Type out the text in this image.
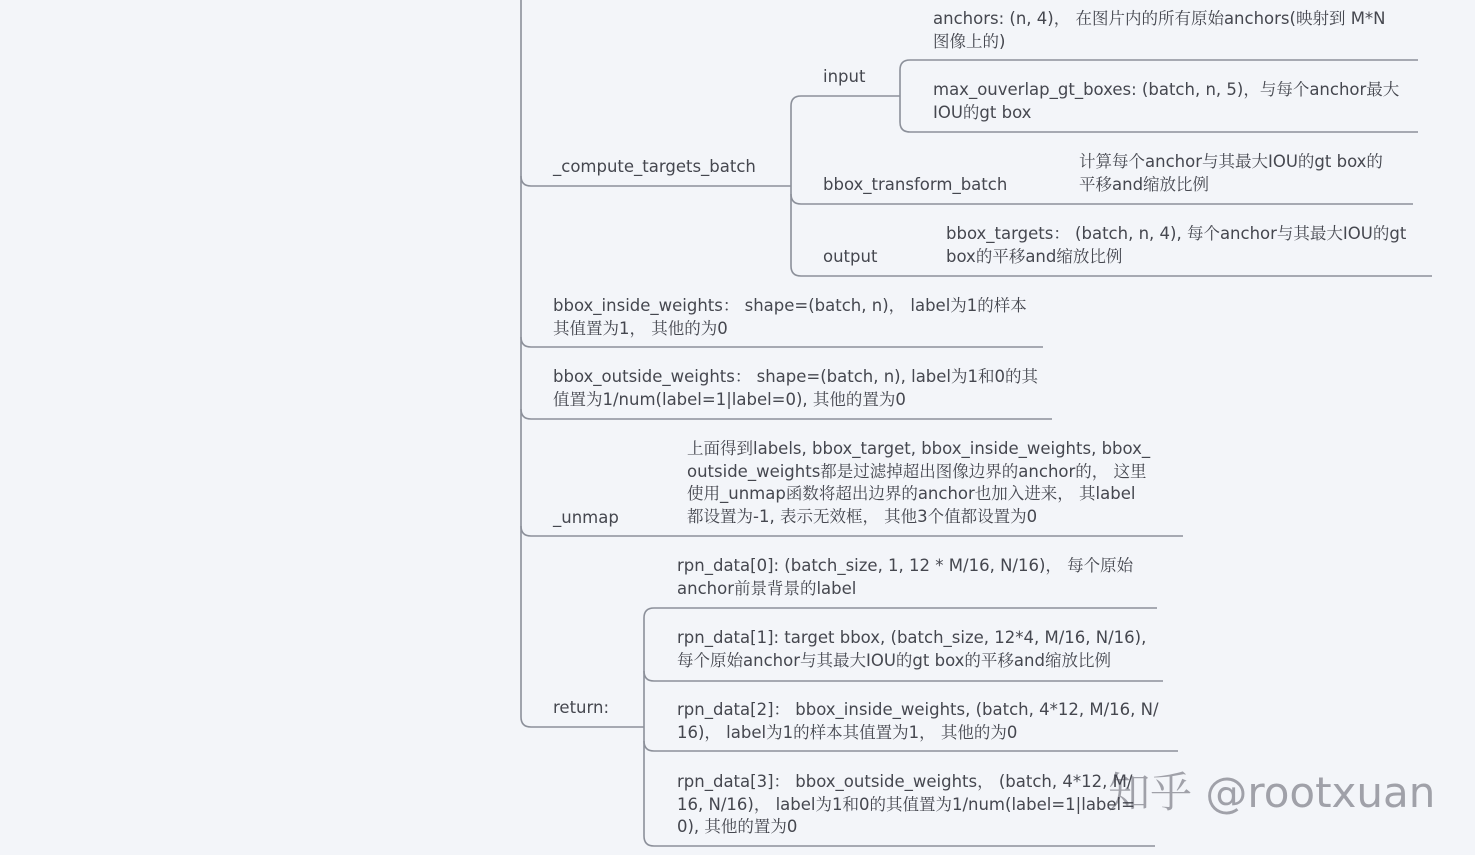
_compute_targets_batch
input
anchors: (n, 4)， 在图片内的所有原始anchors(映射到 M*N
图像上的)
max_ouverlap_gt_boxes: (batch, n, 5)，与每个anchor最大
IOU的gt box
bbox_transform_batch
计算每个anchor与其最大IOU的gt box的
平移and缩放比例
output
bbox_targets： (batch, n, 4), 每个anchor与其最大IOU的gt
box的平移and缩放比例
bbox_inside_weights： shape=(batch, n)， label为1的样本
其值置为1， 其他的为0
bbox_outside_weights： shape=(batch, n), label为1和0的其
值置为1/num(label=1|label=0), 其他的置为0
_unmap
上面得到labels, bbox_target, bbox_inside_weights, bbox_
outside_weights都是过滤掉超出图像边界的anchor的， 这里
使用_unmap函数将超出边界的anchor也加入进来， 其label
都设置为-1, 表示无效框， 其他3个值都设置为0
return:
rpn_data[0]: (batch_size, 1, 12 * M/16, N/16)， 每个原始
anchor前景背景的label
rpn_data[1]: target bbox, (batch_size, 12*4, M/16, N/16),
每个原始anchor与其最大IOU的gt box的平移and缩放比例
rpn_data[2]： bbox_inside_weights, (batch, 4*12, M/16, N/
16)， label为1的样本其值置为1， 其他的为0
rpn_data[3]： bbox_outside_weights， (batch, 4*12, M/
16, N/16)， label为1和0的其值置为1/num(label=1|label=
0), 其他的置为0
知乎 @rootxuan
